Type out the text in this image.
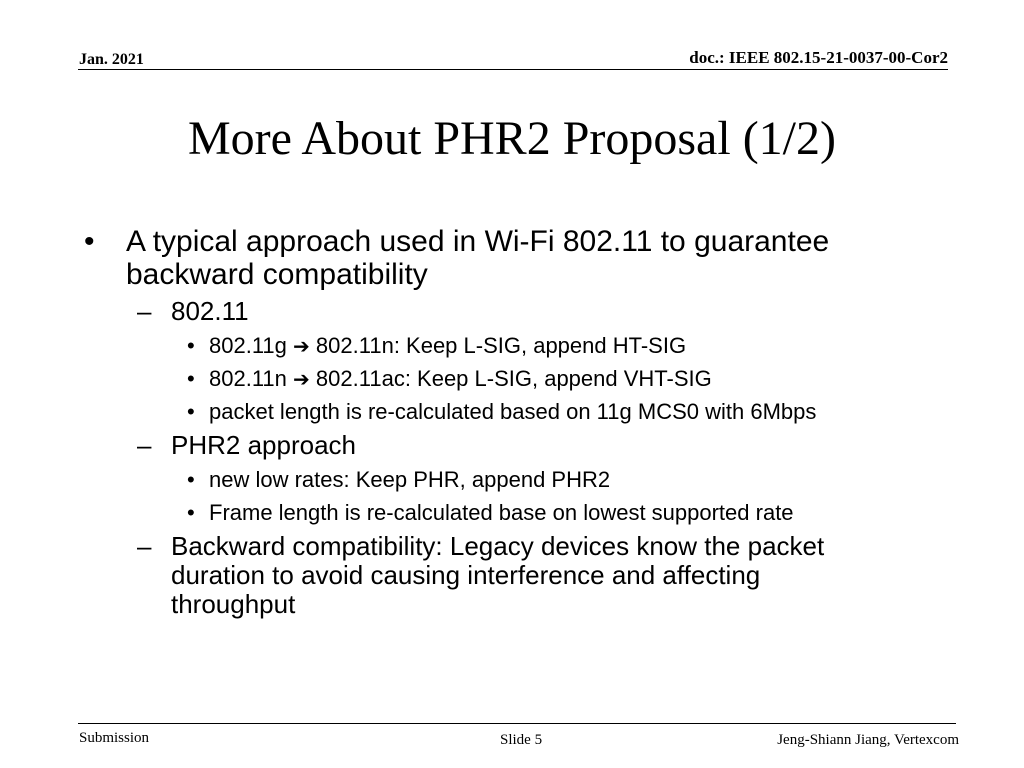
Jan. 2021	doc.: IEEE 802.15-21-0037-00-Cor2
More About PHR2 Proposal (1/2)
• A typical approach used in Wi-Fi 802.11 to guarantee backward compatibility
– 802.11
• 802.11g ➔ 802.11n: Keep L-SIG, append HT-SIG
• 802.11n ➔ 802.11ac: Keep L-SIG, append VHT-SIG
• packet length is re-calculated based on 11g MCS0 with 6Mbps
– PHR2 approach
• new low rates: Keep PHR, append PHR2
• Frame length is re-calculated base on lowest supported rate
– Backward compatibility: Legacy devices know the packet duration to avoid causing interference and affecting throughput
Submission	Slide 5	Jeng-Shiann Jiang, Vertexcom
